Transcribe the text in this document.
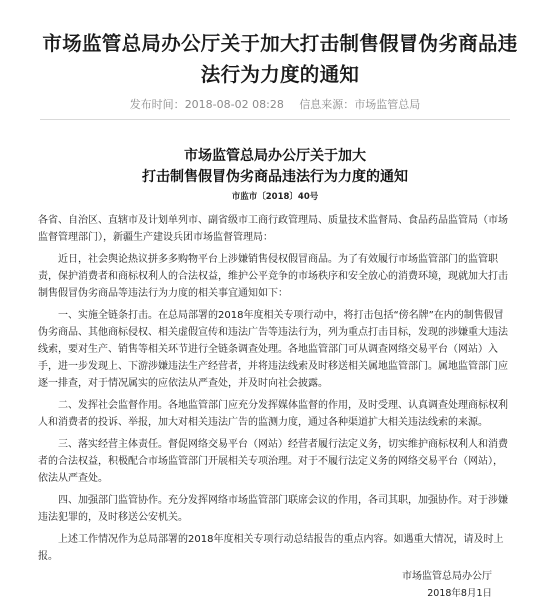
市场监管总局办公厅关于加大打击制售假冒伪劣商品违法行为力度的通知
发布时间：2018-08-02 08:28 信息来源：市场监管总局
市场监管总局办公厅关于加大
打击制售假冒伪劣商品违法行为力度的通知
市监市〔2018〕40号

各省、自治区、直辖市及计划单列市、副省级市工商行政管理局、质量技术监督局、食品药品监管局（市场监督管理部门），新疆生产建设兵团市场监督管理局：

近日，社会舆论热议拼多多购物平台上涉嫌销售侵权假冒商品。为了有效履行市场监管部门的监管职责，保护消费者和商标权利人的合法权益，维护公平竞争的市场秩序和安全放心的消费环境，现就加大打击制售假冒伪劣商品等违法行为力度的相关事宜通知如下：

一、实施全链条打击。在总局部署的2018年度相关专项行动中，将打击包括“傍名牌”在内的制售假冒伪劣商品、其他商标侵权、相关虚假宣传和违法广告等违法行为，列为重点打击目标，发现的涉嫌重大违法线索，要对生产、销售等相关环节进行全链条调查处理。各地监管部门可从调查网络交易平台（网站）入手，进一步发现上、下游涉嫌违法生产经营者，并将违法线索及时移送相关属地监管部门。属地监管部门应逐一排查，对于情况属实的应依法从严查处，并及时向社会披露。

二、发挥社会监督作用。各地监管部门应充分发挥媒体监督的作用，及时受理、认真调查处理商标权利人和消费者的投诉、举报，加大对相关违法广告的监测力度，通过各种渠道扩大相关违法线索的来源。

三、落实经营主体责任。督促网络交易平台（网站）经营者履行法定义务，切实维护商标权利人和消费者的合法权益，积极配合市场监管部门开展相关专项治理。对于不履行法定义务的网络交易平台（网站），依法从严查处。

四、加强部门监管协作。充分发挥网络市场监管部门联席会议的作用，各司其职，加强协作。对于涉嫌违法犯罪的，及时移送公安机关。

上述工作情况作为总局部署的2018年度相关专项行动总结报告的重点内容。如遇重大情况，请及时上报。

市场监管总局办公厅
2018年8月1日
